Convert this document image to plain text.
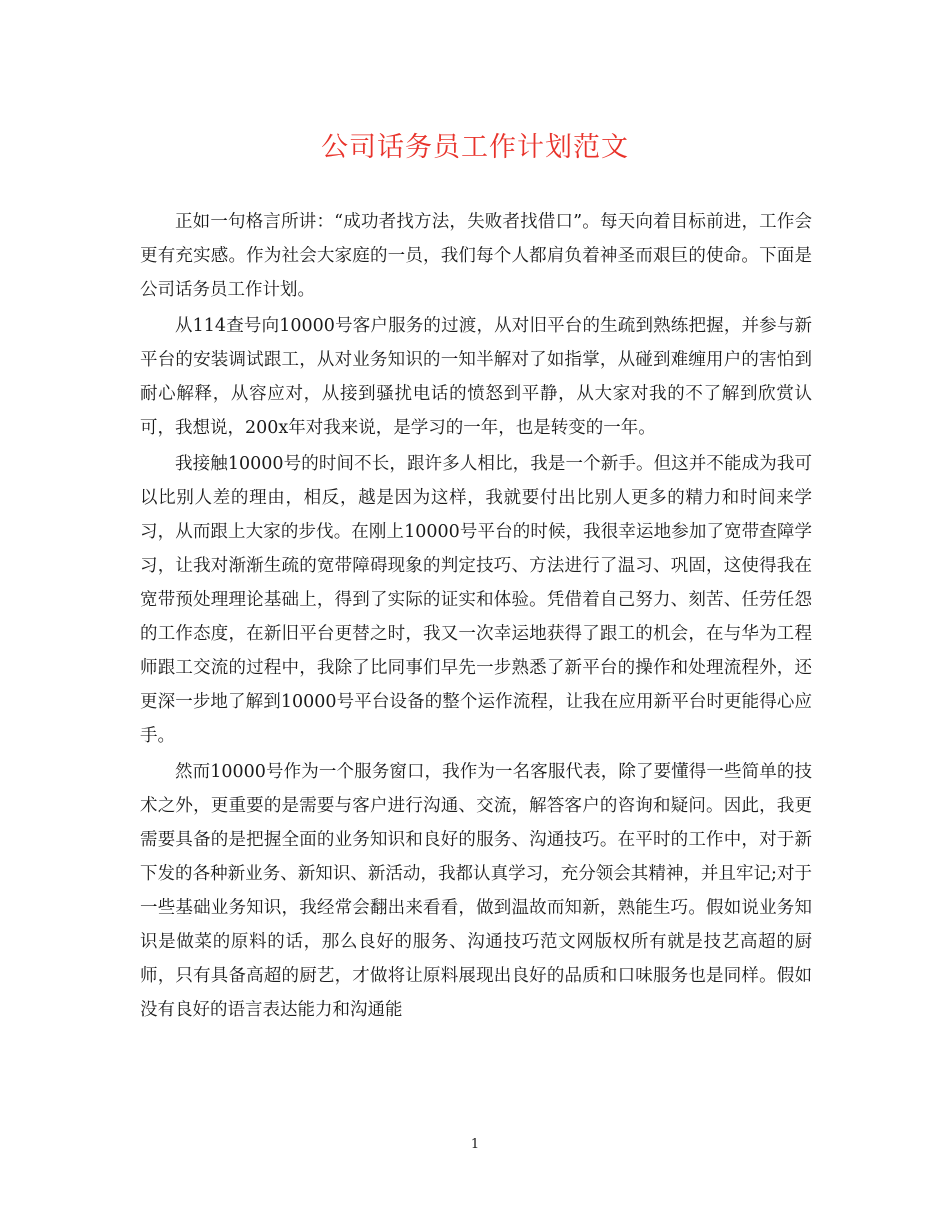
公司话务员工作计划范文

正如一句格言所讲：“成功者找方法，失败者找借口”。每天向着目标前进，工作会更有充实感。作为社会大家庭的一员，我们每个人都肩负着神圣而艰巨的使命。下面是公司话务员工作计划。

从114查号向10000号客户服务的过渡，从对旧平台的生疏到熟练把握，并参与新平台的安装调试跟工，从对业务知识的一知半解对了如指掌，从碰到难缠用户的害怕到耐心解释，从容应对，从接到骚扰电话的愤怒到平静，从大家对我的不了解到欣赏认可，我想说，200x年对我来说，是学习的一年，也是转变的一年。

我接触10000号的时间不长，跟许多人相比，我是一个新手。但这并不能成为我可以比别人差的理由，相反，越是因为这样，我就要付出比别人更多的精力和时间来学习，从而跟上大家的步伐。在刚上10000号平台的时候，我很幸运地参加了宽带查障学习，让我对渐渐生疏的宽带障碍现象的判定技巧、方法进行了温习、巩固，这使得我在宽带预处理理论基础上，得到了实际的证实和体验。凭借着自己努力、刻苦、任劳任怨的工作态度，在新旧平台更替之时，我又一次幸运地获得了跟工的机会，在与华为工程师跟工交流的过程中，我除了比同事们早先一步熟悉了新平台的操作和处理流程外，还更深一步地了解到10000号平台设备的整个运作流程，让我在应用新平台时更能得心应手。

然而10000号作为一个服务窗口，我作为一名客服代表，除了要懂得一些简单的技术之外，更重要的是需要与客户进行沟通、交流，解答客户的咨询和疑问。因此，我更需要具备的是把握全面的业务知识和良好的服务、沟通技巧。在平时的工作中，对于新下发的各种新业务、新知识、新活动，我都认真学习，充分领会其精神，并且牢记;对于一些基础业务知识，我经常会翻出来看看，做到温故而知新，熟能生巧。假如说业务知识是做菜的原料的话，那么良好的服务、沟通技巧范文网版权所有就是技艺高超的厨师，只有具备高超的厨艺，才做将让原料展现出良好的品质和口味服务也是同样。假如没有良好的语言表达能力和沟通能

1
